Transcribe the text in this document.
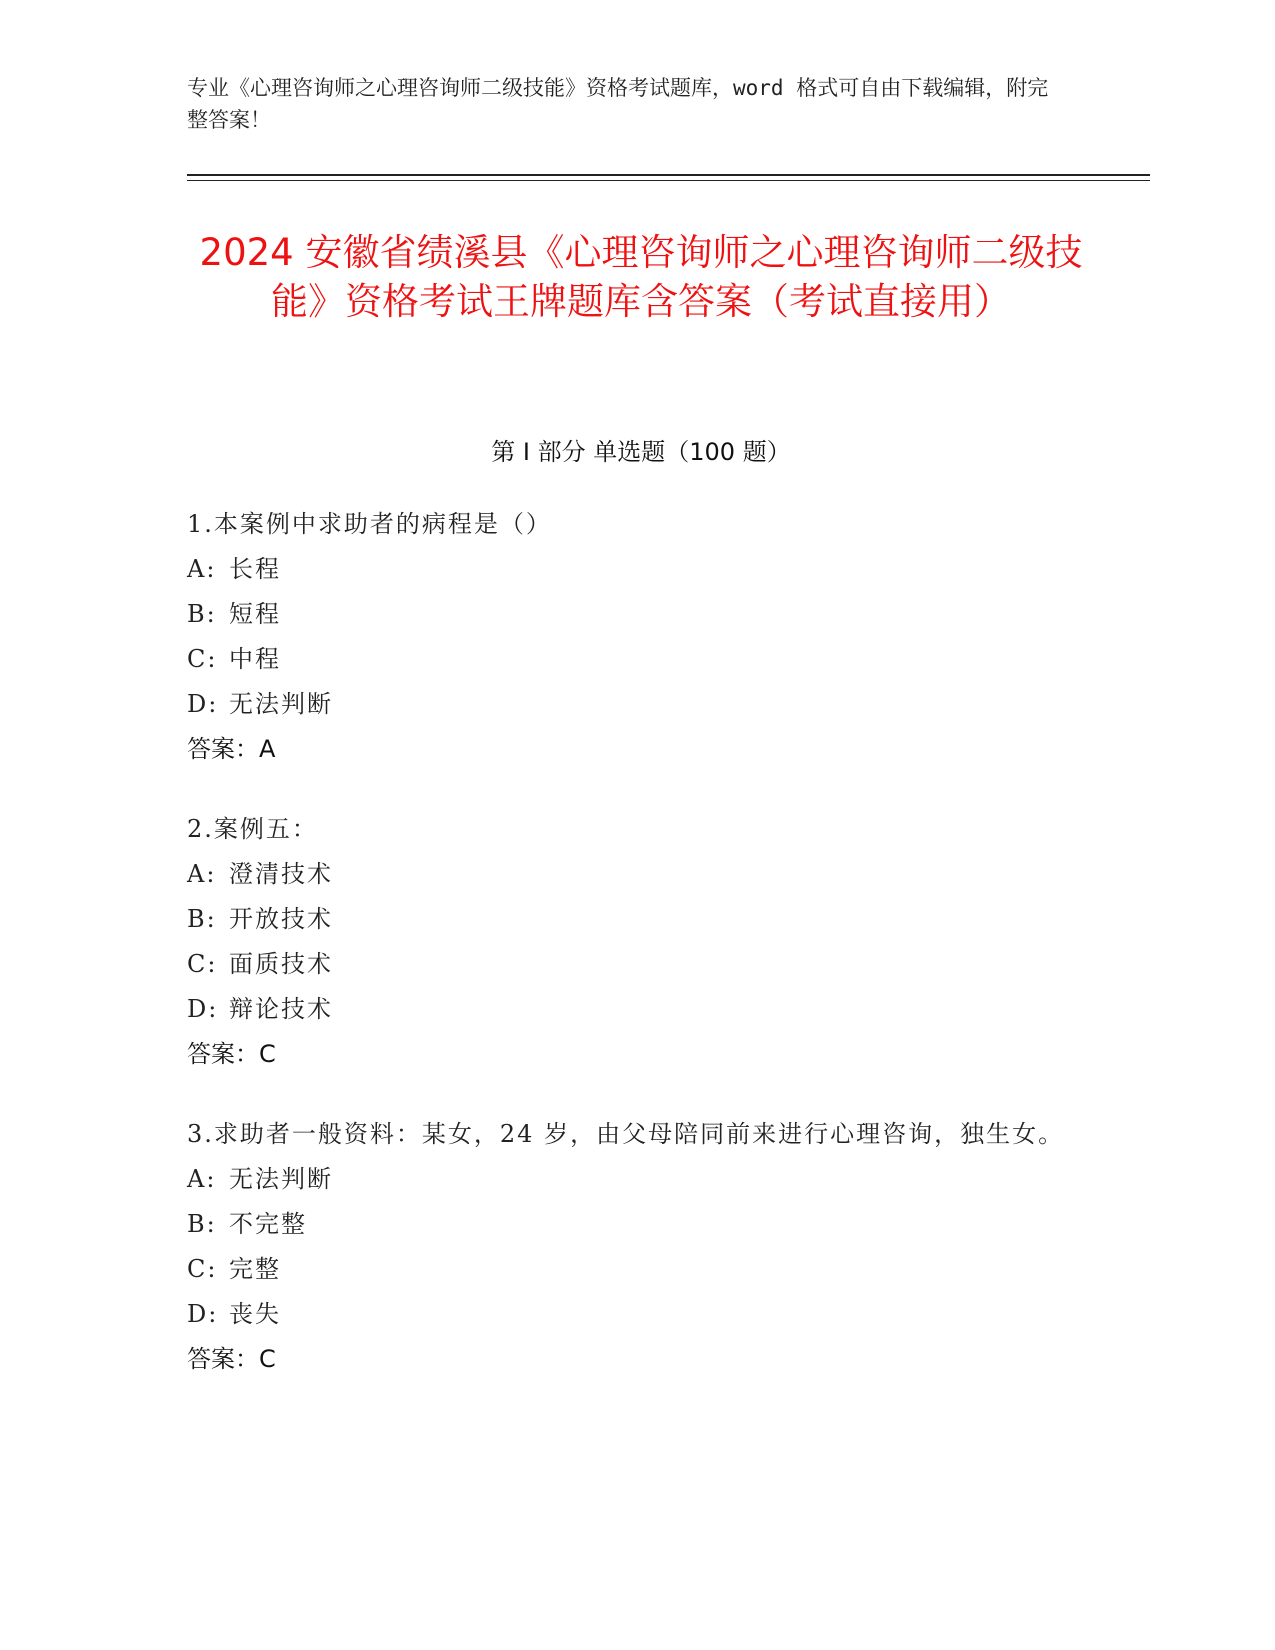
专业《心理咨询师之心理咨询师二级技能》资格考试题库，word 格式可自由下载编辑，附完整答案！
2024 安徽省绩溪县《心理咨询师之心理咨询师二级技能》资格考试王牌题库含答案（考试直接用）
第 I 部分 单选题（100 题）
1.本案例中求助者的病程是（）
A: 长程
B: 短程
C: 中程
D: 无法判断
答案：A
2.案例五：
A: 澄清技术
B: 开放技术
C: 面质技术
D: 辩论技术
答案：C
3.求助者一般资料：某女，24 岁，由父母陪同前来进行心理咨询，独生女。
A: 无法判断
B: 不完整
C: 完整
D: 丧失
答案：C
